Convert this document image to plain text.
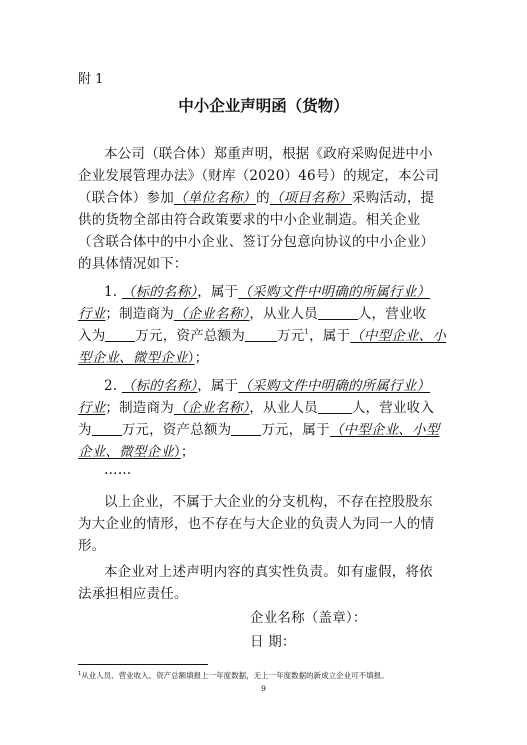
附 1
中小企业声明函（货物）
本公司（联合体）郑重声明，根据《政府采购促进中小
企业发展管理办法》（财库（2020）46号）的规定，本公司
（联合体）参加（单位名称）的（项目名称）采购活动，提
供的货物全部由符合政策要求的中小企业制造。相关企业
（含联合体中的中小企业、签订分包意向协议的中小企业）
的具体情况如下：
1. （标的名称），属于（采购文件中明确的所属行业）
行业；制造商为（企业名称），从业人员	人，营业收
入为 万元，资产总额为 万元$^1$，属于（中型企业、小
型企业、微型企业）；
2. （标的名称），属于（采购文件中明确的所属行业）
行业；制造商为（企业名称），从业人员	人，营业收入
为 万元，资产总额为 万元，属于（中型企业、小型
企业、微型企业）；
……
以上企业，不属于大企业的分支机构，不存在控股股东
为大企业的情形，也不存在与大企业的负责人为同一人的情
形。
本企业对上述声明内容的真实性负责。如有虚假，将依
法承担相应责任。
企业名称（盖章）：
日 期：
$^1$从业人员、营业收入、资产总额填报上一年度数据，无上一年度数据的新成立企业可不填报。
9
